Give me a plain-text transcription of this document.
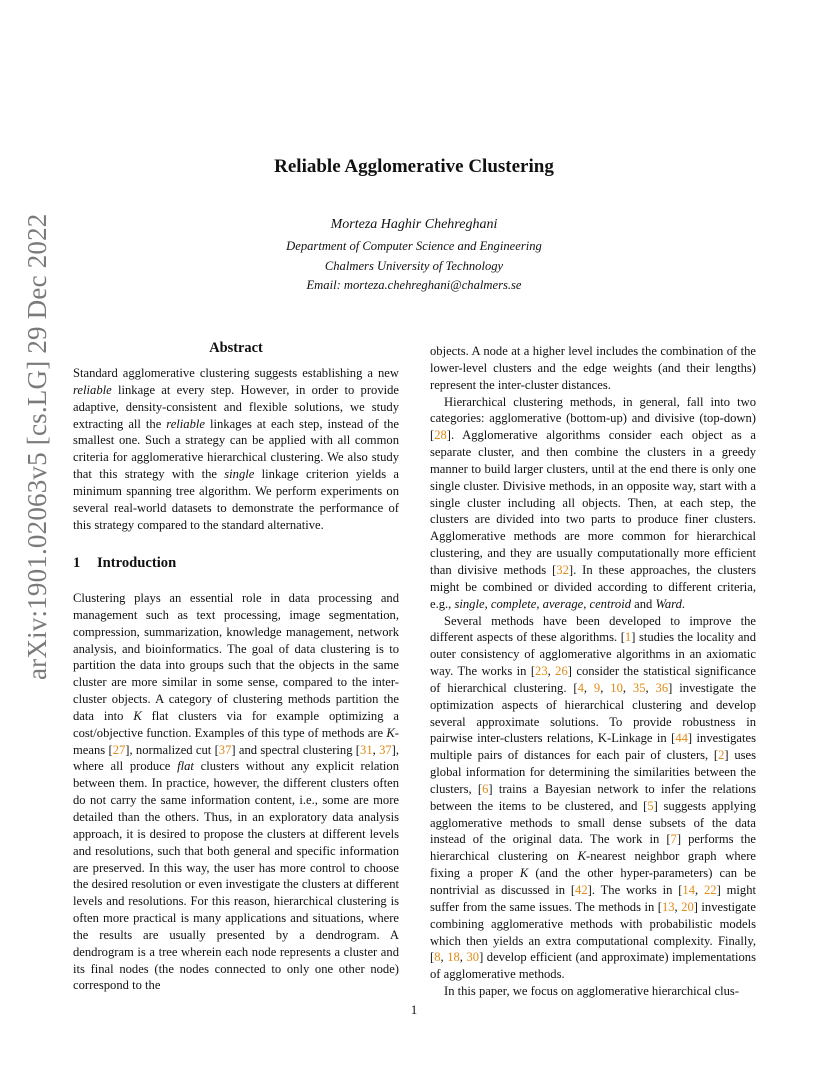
arXiv:1901.02063v5 [cs.LG] 29 Dec 2022
Reliable Agglomerative Clustering
Morteza Haghir Chehreghani
Department of Computer Science and Engineering
Chalmers University of Technology
Email: morteza.chehreghani@chalmers.se
Abstract

Standard agglomerative clustering suggests establishing a new reliable linkage at every step. However, in order to provide adaptive, density-consistent and flexible solutions, we study extracting all the reliable linkages at each step, instead of the smallest one. Such a strategy can be applied with all common criteria for agglomerative hierarchical clustering. We also study that this strategy with the single linkage criterion yields a minimum spanning tree algorithm. We perform experiments on several real-world datasets to demonstrate the performance of this strategy compared to the standard alternative.

1 Introduction

Clustering plays an essential role in data processing and management such as text processing, image segmentation, compression, summarization, knowledge management, network analysis, and bioinformatics. The goal of data clustering is to partition the data into groups such that the objects in the same cluster are more similar in some sense, compared to the inter-cluster objects. A category of clustering methods partition the data into K flat clusters via for example optimizing a cost/objective function. Examples of this type of methods are K-means [27], normalized cut [37] and spectral clustering [31, 37], where all produce flat clusters without any explicit relation between them. In practice, however, the different clusters often do not carry the same information content, i.e., some are more detailed than the others. Thus, in an exploratory data analysis approach, it is desired to propose the clusters at different levels and resolutions, such that both general and specific information are preserved. In this way, the user has more control to choose the desired resolution or even investigate the clusters at different levels and resolutions. For this reason, hierarchical clustering is often more practical is many applications and situations, where the results are usually presented by a dendrogram. A dendrogram is a tree wherein each node represents a cluster and its final nodes (the nodes connected to only one other node) correspond to the

objects. A node at a higher level includes the combination of the lower-level clusters and the edge weights (and their lengths) represent the inter-cluster distances.

Hierarchical clustering methods, in general, fall into two categories: agglomerative (bottom-up) and divisive (top-down) [28]. Agglomerative algorithms consider each object as a separate cluster, and then combine the clusters in a greedy manner to build larger clusters, until at the end there is only one single cluster. Divisive methods, in an opposite way, start with a single cluster including all objects. Then, at each step, the clusters are divided into two parts to produce finer clusters. Agglomerative methods are more common for hierarchical clustering, and they are usually computationally more efficient than divisive methods [32]. In these approaches, the clusters might be combined or divided according to different criteria, e.g., single, complete, average, centroid and Ward.

Several methods have been developed to improve the different aspects of these algorithms. [1] studies the locality and outer consistency of agglomerative algorithms in an axiomatic way. The works in [23, 26] consider the statistical significance of hierarchical clustering. [4, 9, 10, 35, 36] investigate the optimization aspects of hierarchical clustering and develop several approximate solutions. To provide robustness in pairwise inter-clusters relations, K-Linkage in [44] investigates multiple pairs of distances for each pair of clusters, [2] uses global information for determining the similarities between the clusters, [6] trains a Bayesian network to infer the relations between the items to be clustered, and [5] suggests applying agglomerative methods to small dense subsets of the data instead of the original data. The work in [7] performs the hierarchical clustering on K-nearest neighbor graph where fixing a proper K (and the other hyper-parameters) can be nontrivial as discussed in [42]. The works in [14, 22] might suffer from the same issues. The methods in [13, 20] investigate combining agglomerative methods with probabilistic models which then yields an extra computational complexity. Finally, [8, 18, 30] develop efficient (and approximate) implementations of agglomerative methods.

In this paper, we focus on agglomerative hierarchical clus-

1
